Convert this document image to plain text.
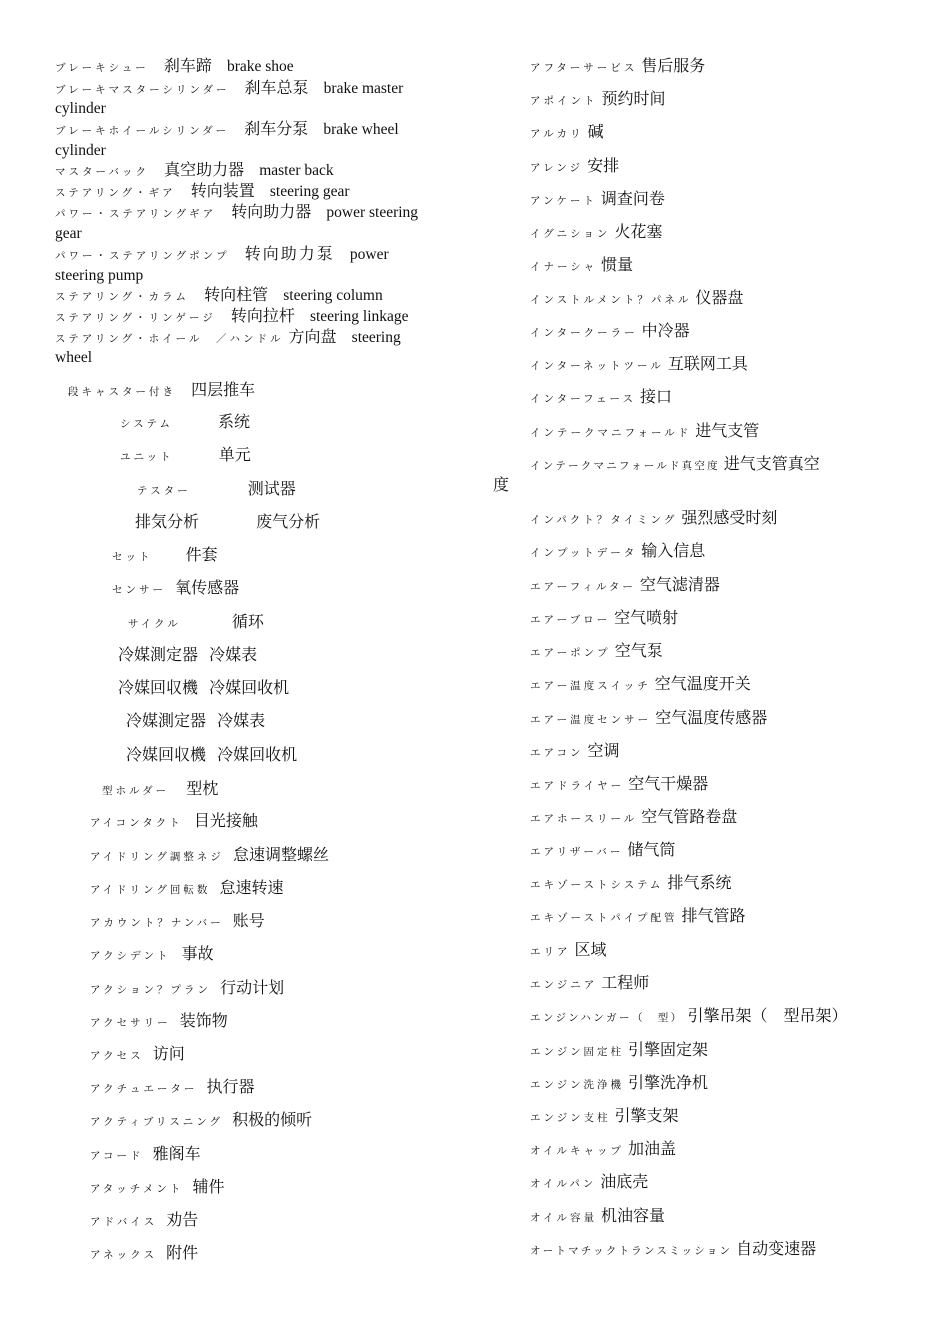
ブレーキシュー 刹车蹄 brake shoe
ブレーキマスターシリンダー 刹车总泵 brake master
cylinder
ブレーキホイールシリンダー 刹车分泵 brake wheel
cylinder
マスターバック 真空助力器 master back
ステアリング・ギア 转向装置 steering gear
パワー・ステアリングギア 转向助力器 power steering
gear
パワー・ステアリングポンプ 转向助力泵 power
steering pump
ステアリング・カラム 转向柱管 steering column
ステアリング・リンゲージ 转向拉杆 steering linkage
ステアリング・ホイール　／ハンドル 方向盘 steering
wheel
段キャスター付き 四层推车
システム	系统
ユニット	单元
テスター	测试器
排気分析	废气分析
セット 件套
センサー 氧传感器
サイクル	循环
冷媒測定器 冷媒表
冷媒回収機 冷媒回收机
冷媒測定器 冷媒表
冷媒回収機 冷媒回收机
型ホルダー 型枕
アイコンタクト 目光接触
アイドリング調整ネジ 怠速调整螺丝
アイドリング回転数 怠速转速
アカウント？ナンバー 账号
アクシデント 事故
アクション？プラン 行动计划
アクセサリー 装饰物
アクセス 访问
アクチュエーター 执行器
アクティブリスニング 积极的倾听
アコード 雅阁车
アタッチメント 辅件
アドバイス 劝告
アネックス 附件
アフターサービス 售后服务
アポイント 预约时间
アルカリ 碱
アレンジ 安排
アンケート 调查问卷
イグニション 火花塞
イナーシャ 惯量
インストルメント？パネル 仪器盘
インタークーラー 中冷器
インターネットツール 互联网工具
インターフェース 接口
インテークマニフォールド 进气支管
インテークマニフォールド真空度 进气支管真空
度
インパクト？タイミング 强烈感受时刻
インプットデータ 输入信息
エアーフィルター 空气滤清器
エアーブロー 空气喷射
エアーポンプ 空气泵
エアー温度スイッチ 空气温度开关
エアー温度センサー 空气温度传感器
エアコン 空调
エアドライヤー 空气干燥器
エアホースリール 空气管路卷盘
エアリザーバー 储气筒
エキゾーストシステム 排气系统
エキゾーストパイプ配管 排气管路
エリア 区域
エンジニア 工程师
エンジンハンガー（　型） 引擎吊架（　型吊架）
エンジン固定柱 引擎固定架
エンジン洗浄機 引擎洗净机
エンジン支柱 引擎支架
オイルキャップ 加油盖
オイルパン 油底壳
オイル容量 机油容量
オートマチックトランスミッション 自动变速器
